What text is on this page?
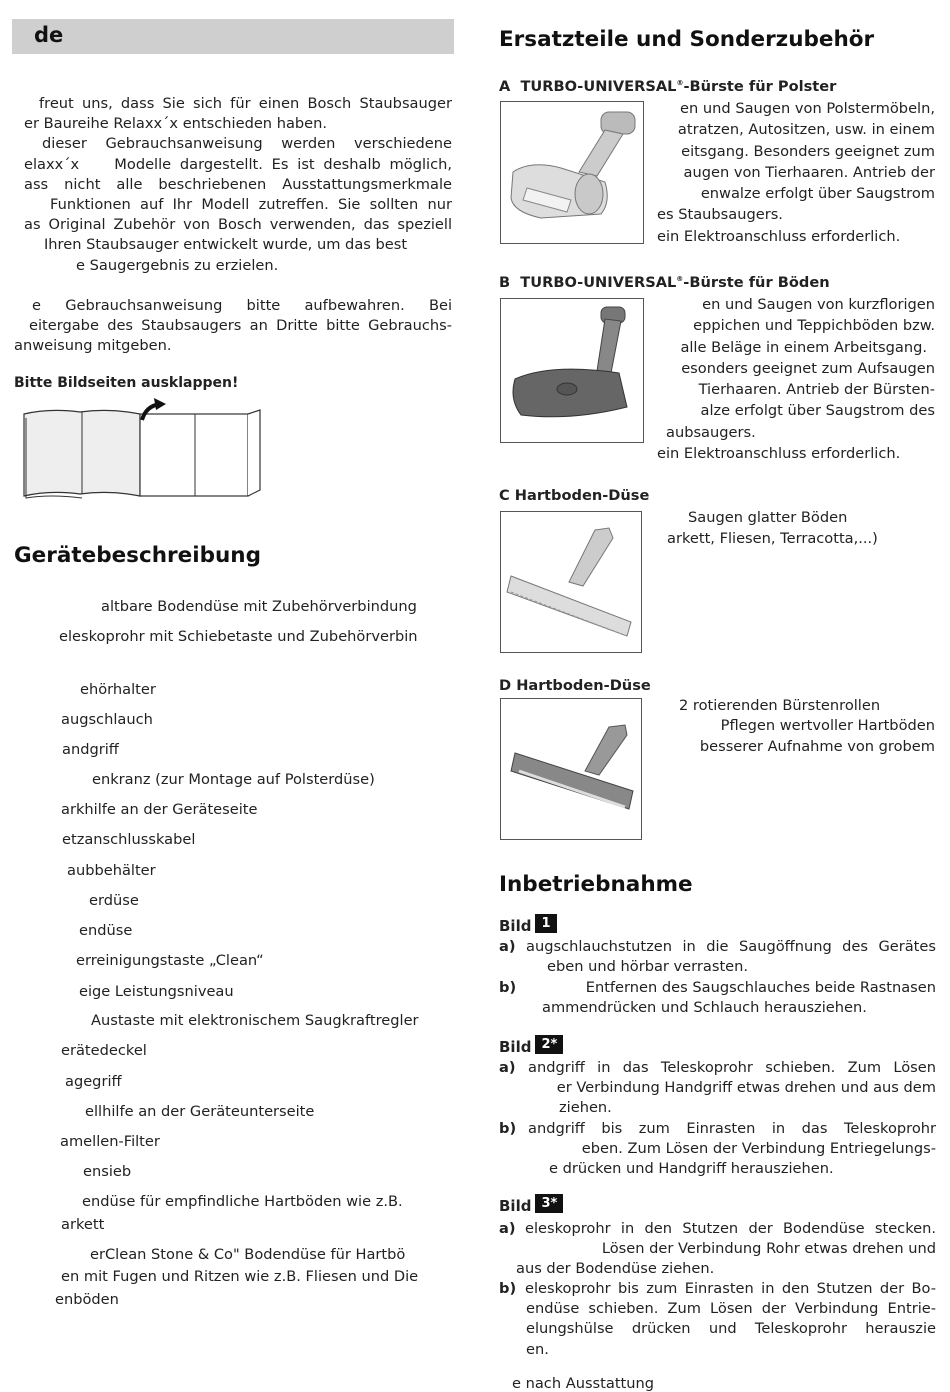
de

freut uns, dass Sie sich für einen Bosch Staubsauger

er Baureihe Relaxx´x entschieden haben.

dieser Gebrauchsanweisung werden verschiedene

elaxx´x    Modelle dargestellt. Es ist deshalb möglich,

ass nicht alle beschriebenen Ausstattungsmerkmale

Funktionen auf Ihr Modell zutreffen. Sie sollten nur

as Original Zubehör von Bosch verwenden, das speziell

Ihren Staubsauger entwickelt wurde, um das best

e Saugergebnis zu erzielen.

e Gebrauchsanweisung bitte aufbewahren. Bei

eitergabe des Staubsaugers an Dritte bitte Gebrauchs-

anweisung mitgeben.

Bitte Bildseiten ausklappen!
Gerätebeschreibung
altbare Bodendüse mit Zubehörverbindung
eleskoprohr mit Schiebetaste und Zubehörverbin
ehörhalter
augschlauch
andgriff
enkranz (zur Montage auf Polsterdüse)
arkhilfe an der Geräteseite
etzanschlusskabel
aubbehälter
erdüse
endüse
erreinigungstaste „Clean“
eige Leistungsniveau
Austaste mit elektronischem Saugkraftregler
erätedeckel
agegriff
ellhilfe an der Geräteunterseite
amellen-Filter
ensieb
endüse für empfindliche Hartböden wie z.B.
arkett
erClean Stone & Co" Bodendüse für Hartbö
en mit Fugen und Ritzen wie z.B. Fliesen und Die
enböden
Ersatzteile und Sonderzubehör
A TURBO-UNIVERSAL®-Bürste für Polster
en und Saugen von Polstermöbeln,
atratzen, Autositzen, usw. in einem
eitsgang. Besonders geeignet zum
augen von Tierhaaren. Antrieb der
enwalze erfolgt über Saugstrom
es Staubsaugers.
ein Elektroanschluss erforderlich.
B TURBO-UNIVERSAL®-Bürste für Böden
en und Saugen von kurzflorigen
eppichen und Teppichböden bzw.
alle Beläge in einem Arbeitsgang.
esonders geeignet zum Aufsaugen
Tierhaaren. Antrieb der Bürsten-
alze erfolgt über Saugstrom des
aubsaugers.
ein Elektroanschluss erforderlich.
C Hartboden-Düse
Saugen glatter Böden
arkett, Fliesen, Terracotta,...)
D Hartboden-Düse
2 rotierenden Bürstenrollen
Pflegen wertvoller Hartböden
besserer Aufnahme von grobem
Inbetriebnahme
Bild 1
a) augschlauchstutzen in die Saugöffnung des Gerätes
eben und hörbar verrasten.
b)	Entfernen des Saugschlauches beide Rastnasen
ammendrücken und Schlauch herausziehen.
Bild 2*
a) andgriff in das Teleskoprohr schieben. Zum Lösen
er Verbindung Handgriff etwas drehen und aus dem
ziehen.
b) andgriff bis zum Einrasten in das Teleskoprohr
eben. Zum Lösen der Verbindung Entriegelungs-
e drücken und Handgriff herausziehen.
Bild 3*
a) eleskoprohr in den Stutzen der Bodendüse stecken.
Lösen der Verbindung Rohr etwas drehen und
aus der Bodendüse ziehen.
b) eleskoprohr bis zum Einrasten in den Stutzen der Bo-
endüse schieben. Zum Lösen der Verbindung Entrie-
elungshülse drücken und Teleskoprohr herauszie
en.
e nach Ausstattung
